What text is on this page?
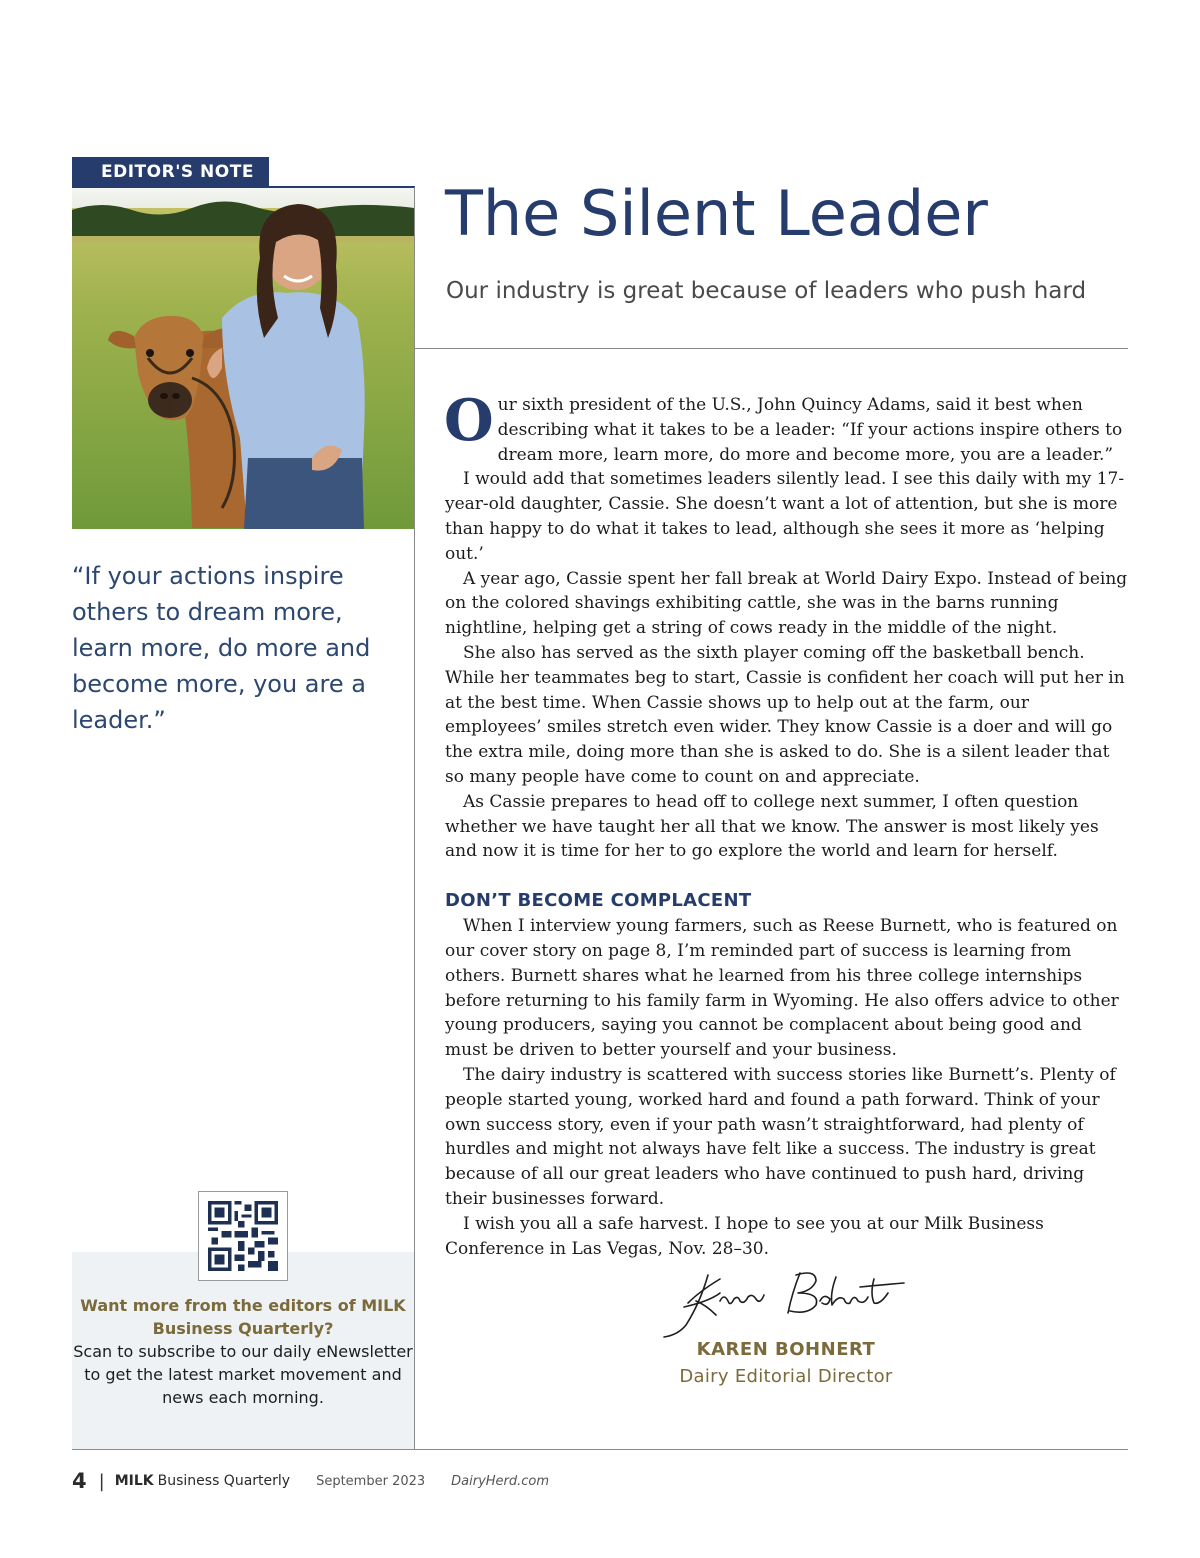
EDITOR'S NOTE

“If your actions inspire others to dream more, learn more, do more and become more, you are a leader.”

Want more from the editors of MILK Business Quarterly?
Scan to subscribe to our daily eNewsletter to get the latest market movement and news each morning.
The Silent Leader
Our industry is great because of leaders who push hard

Our sixth president of the U.S., John Quincy Adams, said it best when describing what it takes to be a leader: “If your actions inspire others to dream more, learn more, do more and become more, you are a leader.”

I would add that sometimes leaders silently lead. I see this daily with my 17-year-old daughter, Cassie. She doesn’t want a lot of attention, but she is more than happy to do what it takes to lead, although she sees it more as ‘helping out.’

A year ago, Cassie spent her fall break at World Dairy Expo. Instead of being on the colored shavings exhibiting cattle, she was in the barns running nightline, helping get a string of cows ready in the middle of the night.

She also has served as the sixth player coming off the basketball bench. While her teammates beg to start, Cassie is confident her coach will put her in at the best time. When Cassie shows up to help out at the farm, our employees’ smiles stretch even wider. They know Cassie is a doer and will go the extra mile, doing more than she is asked to do. She is a silent leader that so many people have come to count on and appreciate.

As Cassie prepares to head off to college next summer, I often question whether we have taught her all that we know. The answer is most likely yes and now it is time for her to go explore the world and learn for herself.

DON’T BECOME COMPLACENT

When I interview young farmers, such as Reese Burnett, who is featured on our cover story on page 8, I’m reminded part of success is learning from others. Burnett shares what he learned from his three college internships before returning to his family farm in Wyoming. He also offers advice to other young producers, saying you cannot be complacent about being good and must be driven to better yourself and your business.

The dairy industry is scattered with success stories like Burnett’s. Plenty of people started young, worked hard and found a path forward. Think of your own success story, even if your path wasn’t straightforward, had plenty of hurdles and might not always have felt like a success. The industry is great because of all our great leaders who have continued to push hard, driving their businesses forward.

I wish you all a safe harvest. I hope to see you at our Milk Business Conference in Las Vegas, Nov. 28–30.

KAREN BOHNERT
Dairy Editorial Director
4 | MILK Business Quarterly September 2023 DairyHerd.com
